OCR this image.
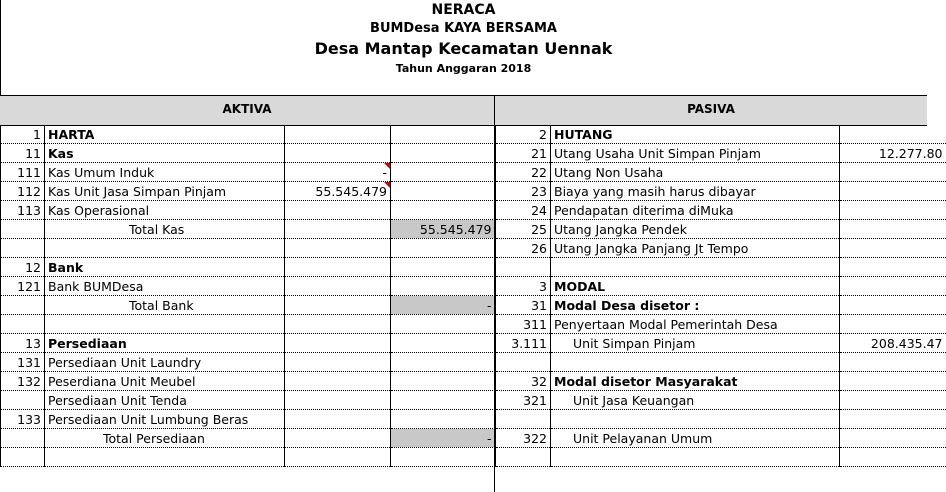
NERACA
BUMDesa KAYA BERSAMA
Desa Mantap Kecamatan Uennak
Tahun Anggaran 2018
AKTIVA	PASIVA
1	HARTA		
11	Kas		
111	Kas Umum Induk	-

112	Kas Unit Jasa Simpan Pinjam	55.545.479

113	Kas Operasional		
	Total Kas		55.545.479

12	Bank		
121	Bank BUMDesa		
	Total Bank		-

13	Persediaan		
131	Persediaan Unit Laundry		
132	Peserdiana Unit Meubel		
	Persediaan Unit Tenda		
133	Persediaan Unit Lumbung Beras		
	Total Persediaan		-

2	HUTANG	
21	Utang Usaha Unit Simpan Pinjam	12.277.80
22	Utang Non Usaha	
23	Biaya yang masih harus dibayar	
24	Pendapatan diterima diMuka	
25	Utang Jangka Pendek	
26	Utang Jangka Panjang Jt Tempo	

3	MODAL	
31	Modal Desa disetor :	
311	Penyertaan Modal Pemerintah Desa	
3.111	Unit Simpan Pinjam	208.435.47

32	Modal disetor Masyarakat	
321	Unit Jasa Keuangan	

322	Unit Pelayanan Umum	
